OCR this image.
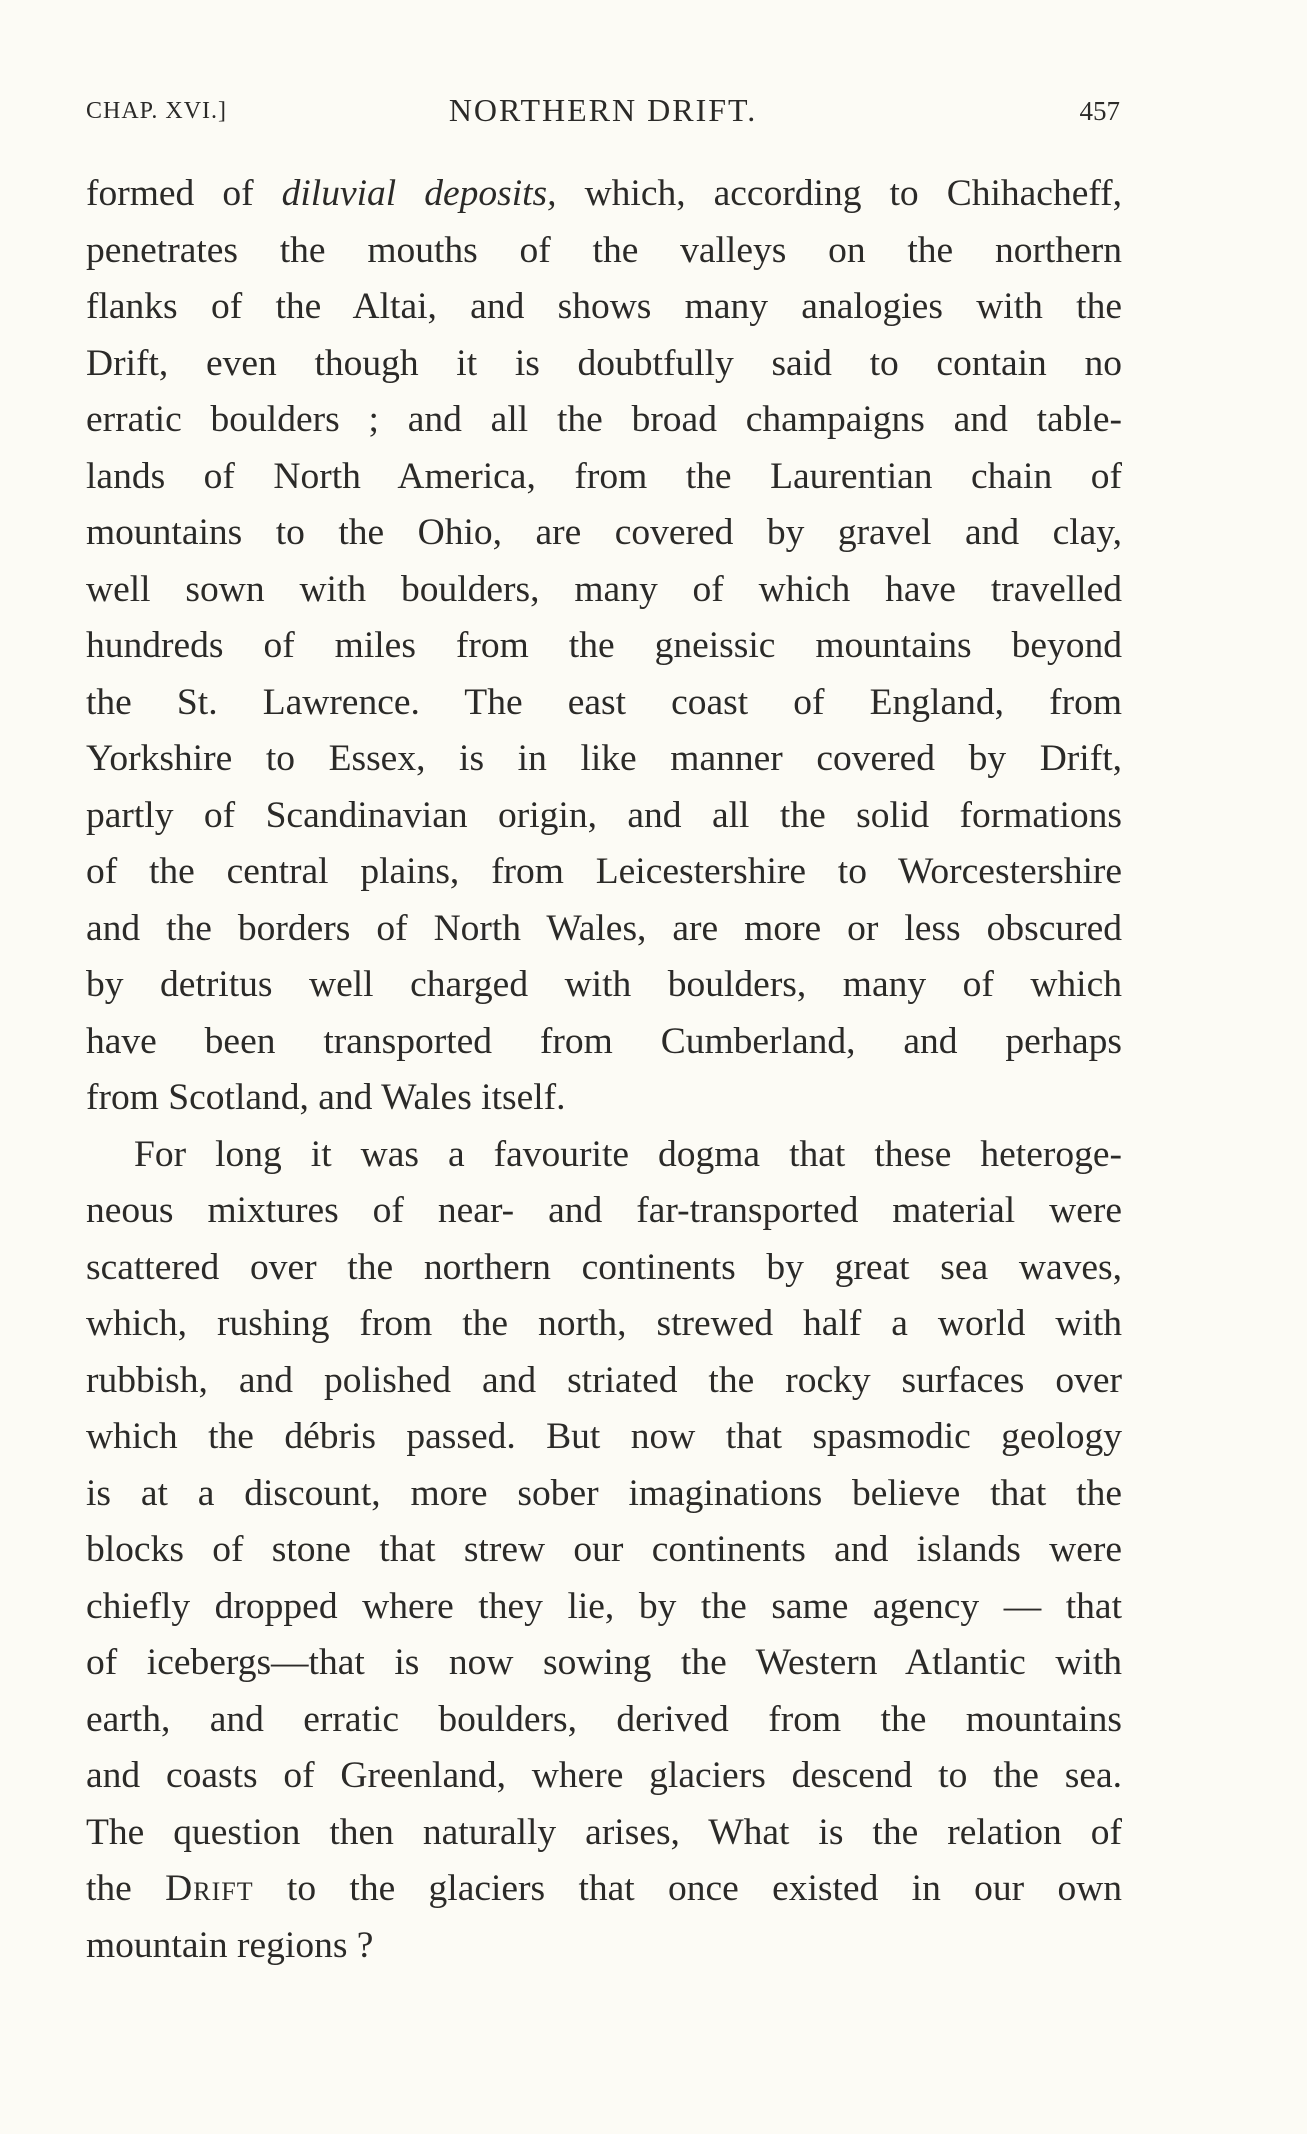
CHAP. XVI.]	NORTHERN DRIFT.	457
formed of diluvial deposits, which, according to Chihacheff,
penetrates the mouths of the valleys on the northern
flanks of the Altai, and shows many analogies with the
Drift, even though it is doubtfully said to contain no
erratic boulders ; and all the broad champaigns and table-
lands of North America, from the Laurentian chain of
mountains to the Ohio, are covered by gravel and clay,
well sown with boulders, many of which have travelled
hundreds of miles from the gneissic mountains beyond
the St. Lawrence. The east coast of England, from
Yorkshire to Essex, is in like manner covered by Drift,
partly of Scandinavian origin, and all the solid formations
of the central plains, from Leicestershire to Worcestershire
and the borders of North Wales, are more or less obscured
by detritus well charged with boulders, many of which
have been transported from Cumberland, and perhaps
from Scotland, and Wales itself.
For long it was a favourite dogma that these heteroge-
neous mixtures of near- and far-transported material were
scattered over the northern continents by great sea waves,
which, rushing from the north, strewed half a world with
rubbish, and polished and striated the rocky surfaces over
which the débris passed. But now that spasmodic geology
is at a discount, more sober imaginations believe that the
blocks of stone that strew our continents and islands were
chiefly dropped where they lie, by the same agency — that
of icebergs—that is now sowing the Western Atlantic with
earth, and erratic boulders, derived from the mountains
and coasts of Greenland, where glaciers descend to the sea.
The question then naturally arises, What is the relation of
the Drift to the glaciers that once existed in our own
mountain regions ?
